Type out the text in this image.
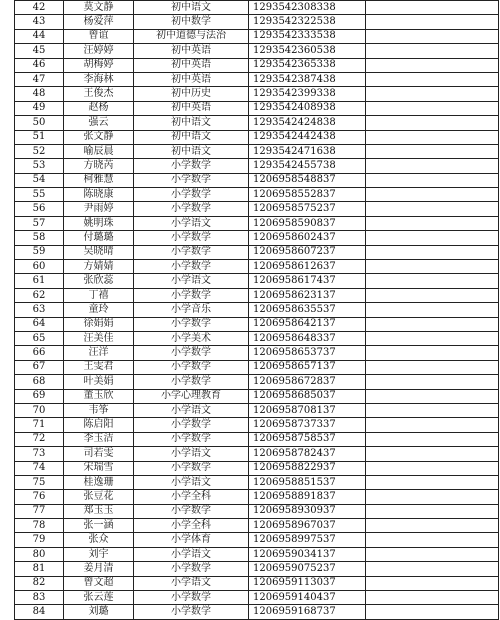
42	莫文静	初中语文	1293542308338	
43	杨爱萍	初中数学	1293542322538	
44	曾谊	初中道德与法治	1293542333538	
45	汪婷婷	初中英语	1293542360538	
46	胡梅婷	初中英语	1293542365338	
47	李海林	初中英语	1293542387438	
48	王俊杰	初中历史	1293542399338	
49	赵杨	初中英语	1293542408938	
50	强云	初中语文	1293542424838	
51	张文静	初中语文	1293542442438	
52	喻辰晨	初中语文	1293542471638	
53	方晓芮	小学数学	1293542455738	
54	柯雅慧	小学数学	1206958548837	
55	陈晓康	小学数学	1206958552837	
56	尹雨婷	小学数学	1206958575237	
57	姚明珠	小学语文	1206958590837	
58	付璐璐	小学数学	1206958602437	
59	吴晓晴	小学数学	1206958607237	
60	方婧婧	小学数学	1206958612637	
61	张欣蕊	小学语文	1206958617437	
62	丁禧	小学数学	1206958623137	
63	童玲	小学音乐	1206958635537	
64	徐娟娟	小学数学	1206958642137	
65	汪美佳	小学美术	1206958648337	
66	汪洋	小学数学	1206958653737	
67	王雯君	小学数学	1206958657137	
68	叶美娟	小学数学	1206958672837	
69	董玉欣	小学心理教育	1206958685037	
70	韦筝	小学语文	1206958708137	
71	陈启阳	小学数学	1206958737337	
72	李玉洁	小学数学	1206958758537	
73	司若雯	小学语文	1206958782437	
74	宋瑞雪	小学数学	1206958822937	
75	桂逸珊	小学语文	1206958851537	
76	张豆花	小学全科	1206958891837	
77	郑玉玉	小学数学	1206958930937	
78	张一涵	小学全科	1206958967037	
79	张众	小学体育	1206958997537	
80	刘宇	小学语文	1206959034137	
81	姜月清	小学数学	1206959075237	
82	曾文超	小学语文	1206959113037	
83	张云莲	小学数学	1206959140437	
84	刘璐	小学数学	1206959168737	
